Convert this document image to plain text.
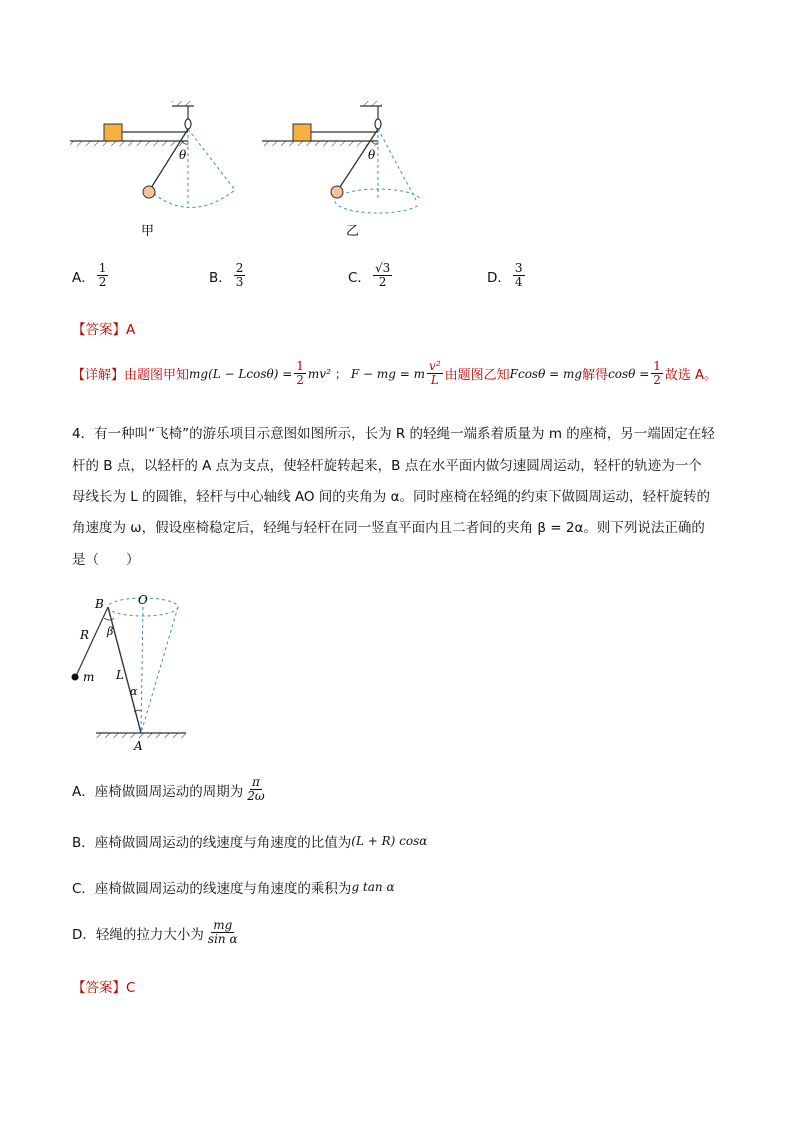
θ
甲
θ
乙
A． $\frac{1}{2}$	B． $\frac{2}{3}$	C． $\frac{√3}{2}$	D． $\frac{3}{4}$
【答案】A
【详解】 由题图甲知 $mg(L - Lcos\theta) = \frac{1}{2} mv^2$ ； F − mg = m $\frac{\text{v²}}{L}$ 由题图乙知 Fcosθ = mg 解得 $\cos\theta = \frac{1}{2}$ 故选 A。
4．有一种叫“飞椅”的游乐项目示意图如图所示，长为 R 的轻绳一端系着质量为 m 的座椅，另一端固定在轻
杆的 B 点，以轻杆的 A 点为支点，使轻杆旋转起来，B 点在水平面内做匀速圆周运动，轻杆的轨迹为一个
母线长为 L 的圆锥，轻杆与中心轴线 AO 间的夹角为 α。同时座椅在轻绳的约束下做圆周运动，轻杆旋转的
角速度为 ω，假设座椅稳定后，轻绳与轻杆在同一竖直平面内且二者间的夹角 β = 2α。则下列说法正确的
是（　　）
B	O
R β
m L
α
A
A．座椅做圆周运动的周期为 $\frac{\pi}{2\omega}$
B．座椅做圆周运动的线速度与角速度的比值为 (L + R) cosα
C．座椅做圆周运动的线速度与角速度的乘积为 g tan α
D．轻绳的拉力大小为 $\frac{mg}{\text{sin α}}$
【答案】C
